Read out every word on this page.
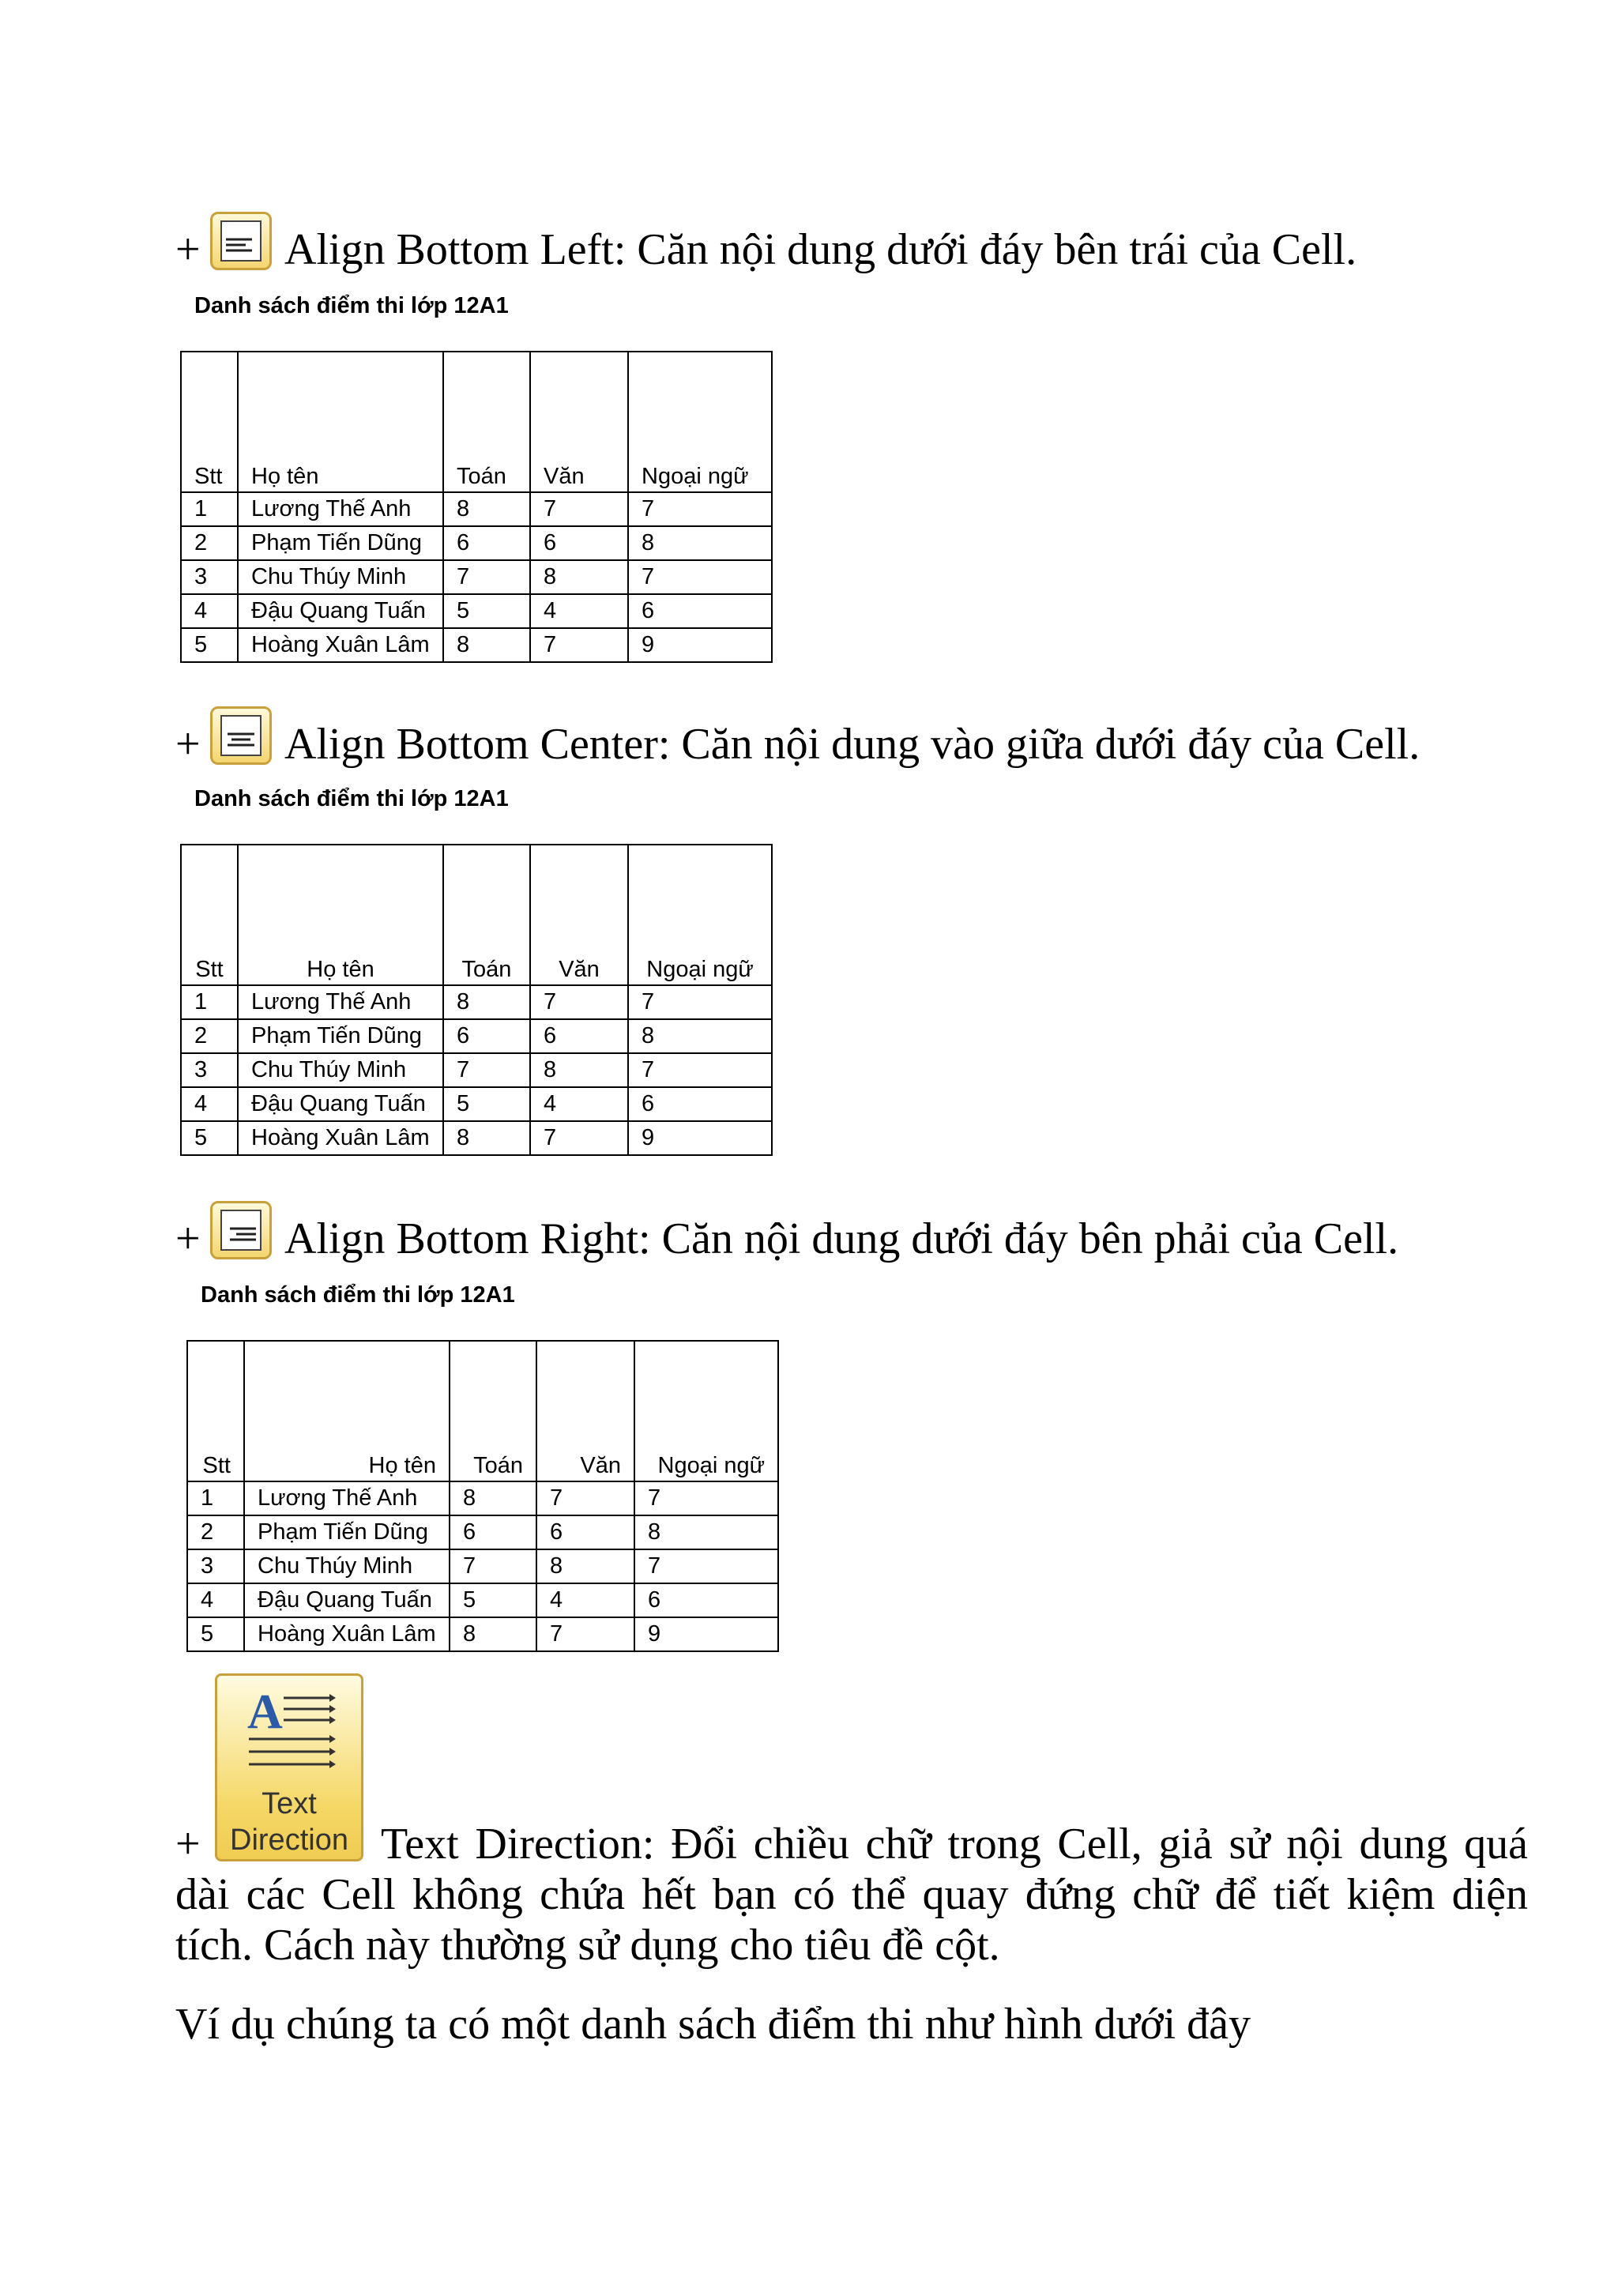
+ Align Bottom Left: Căn nội dung dưới đáy bên trái của Cell.
Danh sách điểm thi lớp 12A1
Stt	Họ tên	Toán	Văn	Ngoại ngữ
1	Lương Thế Anh	8	7	7
2	Phạm Tiến Dũng	6	6	8
3	Chu Thúy Minh	7	8	7
4	Đậu Quang Tuấn	5	4	6
5	Hoàng Xuân Lâm	8	7	9
+ Align Bottom Center: Căn nội dung vào giữa dưới đáy của Cell.
Danh sách điểm thi lớp 12A1
Stt	Họ tên	Toán	Văn	Ngoại ngữ
1	Lương Thế Anh	8	7	7
2	Phạm Tiến Dũng	6	6	8
3	Chu Thúy Minh	7	8	7
4	Đậu Quang Tuấn	5	4	6
5	Hoàng Xuân Lâm	8	7	9
+ Align Bottom Right: Căn nội dung dưới đáy bên phải của Cell.
Danh sách điểm thi lớp 12A1
Stt	Họ tên	Toán	Văn	Ngoại ngữ
1	Lương Thế Anh	8	7	7
2	Phạm Tiến Dũng	6	6	8
3	Chu Thúy Minh	7	8	7
4	Đậu Quang Tuấn	5	4	6
5	Hoàng Xuân Lâm	8	7	9
A
Text
Direction
+	Text Direction: Đổi chiều chữ trong Cell, giả sử nội dung quá dài các Cell không chứa hết bạn có thể quay đứng chữ để tiết kiệm diện tích. Cách này thường sử dụng cho tiêu đề cột.
Ví dụ chúng ta có một danh sách điểm thi như hình dưới đây
